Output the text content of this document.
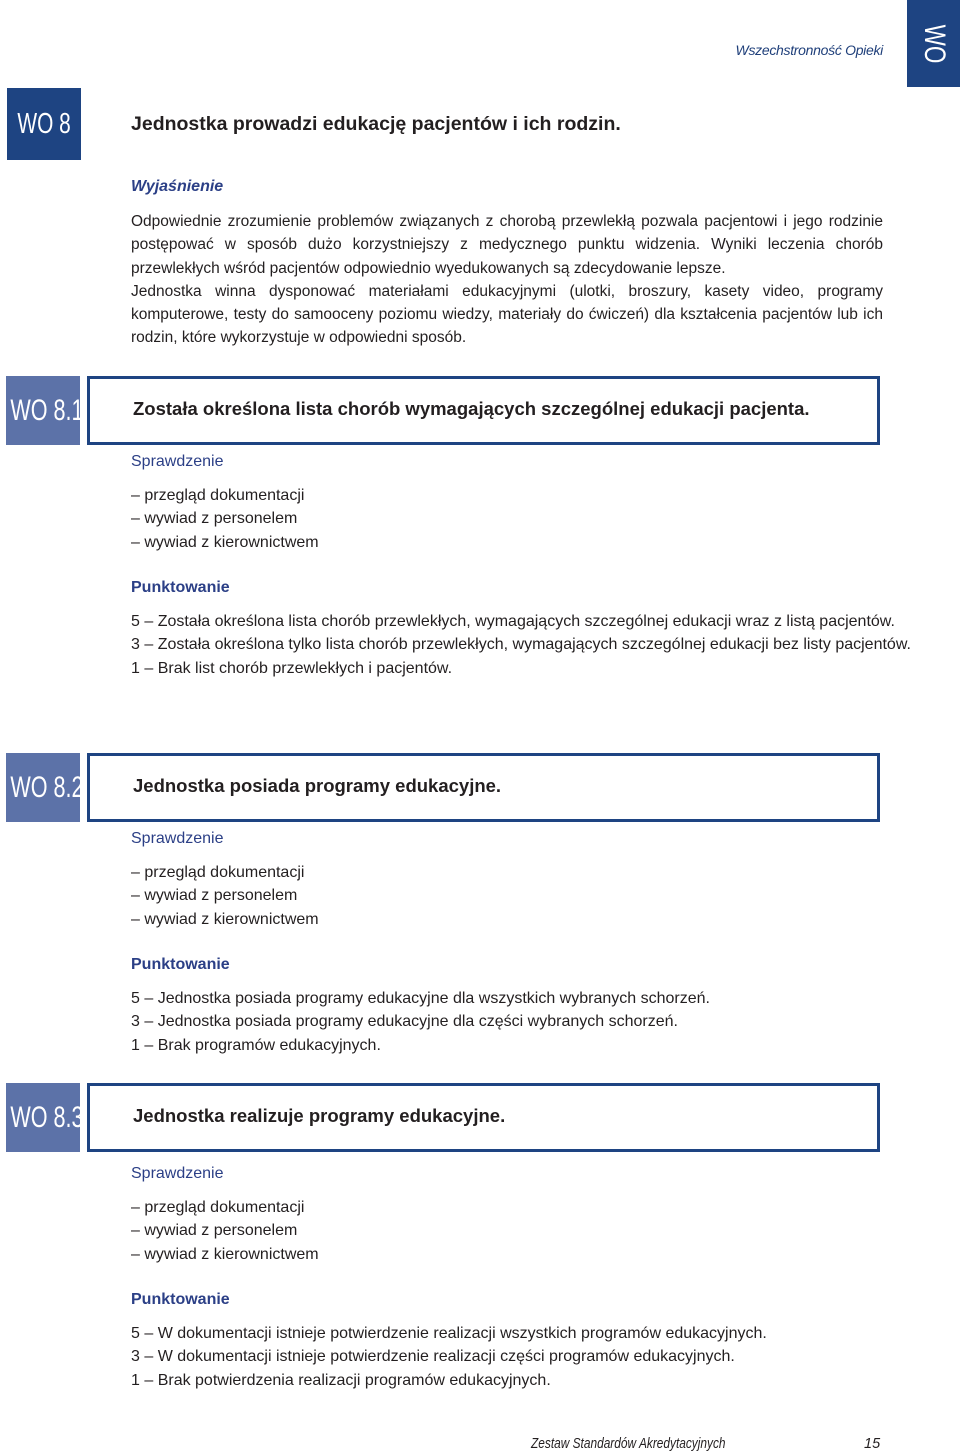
Wszechstronność Opieki WO
WO 8	Jednostka prowadzi edukację pacjentów i ich rodzin.
Wyjaśnienie

Odpowiednie zrozumienie problemów związanych z chorobą przewlekłą pozwala pacjentowi i jego rodzinie postępować w sposób dużo korzystniejszy z medycznego punktu widzenia. Wyniki leczenia chorób przewlekłych wśród pacjentów odpowiednio wyedukowanych są zdecydowanie lepsze.

Jednostka winna dysponować materiałami edukacyjnymi (ulotki, broszury, kasety video, programy komputerowe, testy do samooceny poziomu wiedzy, materiały do ćwiczeń) dla kształcenia pacjentów lub ich rodzin, które wykorzystuje w odpowiedni sposób.

WO 8.1	Została określona lista chorób wymagających szczególnej edukacji pacjenta.
Sprawdzenie
– przegląd dokumentacji
– wywiad z personelem
– wywiad z kierownictwem
Punktowanie
5 – Została określona lista chorób przewlekłych, wymagających szczególnej edukacji wraz z listą pacjentów.
3 – Została określona tylko lista chorób przewlekłych, wymagających szczególnej edukacji bez listy pacjentów.
1 – Brak list chorób przewlekłych i pacjentów.
WO 8.2	Jednostka posiada programy edukacyjne.
Sprawdzenie
– przegląd dokumentacji
– wywiad z personelem
– wywiad z kierownictwem
Punktowanie
5 – Jednostka posiada programy edukacyjne dla wszystkich wybranych schorzeń.
3 – Jednostka posiada programy edukacyjne dla części wybranych schorzeń.
1 – Brak programów edukacyjnych.
WO 8.3	Jednostka realizuje programy edukacyjne.
Sprawdzenie
– przegląd dokumentacji
– wywiad z personelem
– wywiad z kierownictwem
Punktowanie
5 – W dokumentacji istnieje potwierdzenie realizacji wszystkich programów edukacyjnych.
3 – W dokumentacji istnieje potwierdzenie realizacji części programów edukacyjnych.
1 – Brak potwierdzenia realizacji programów edukacyjnych.
Zestaw Standardów Akredytacyjnych	15
